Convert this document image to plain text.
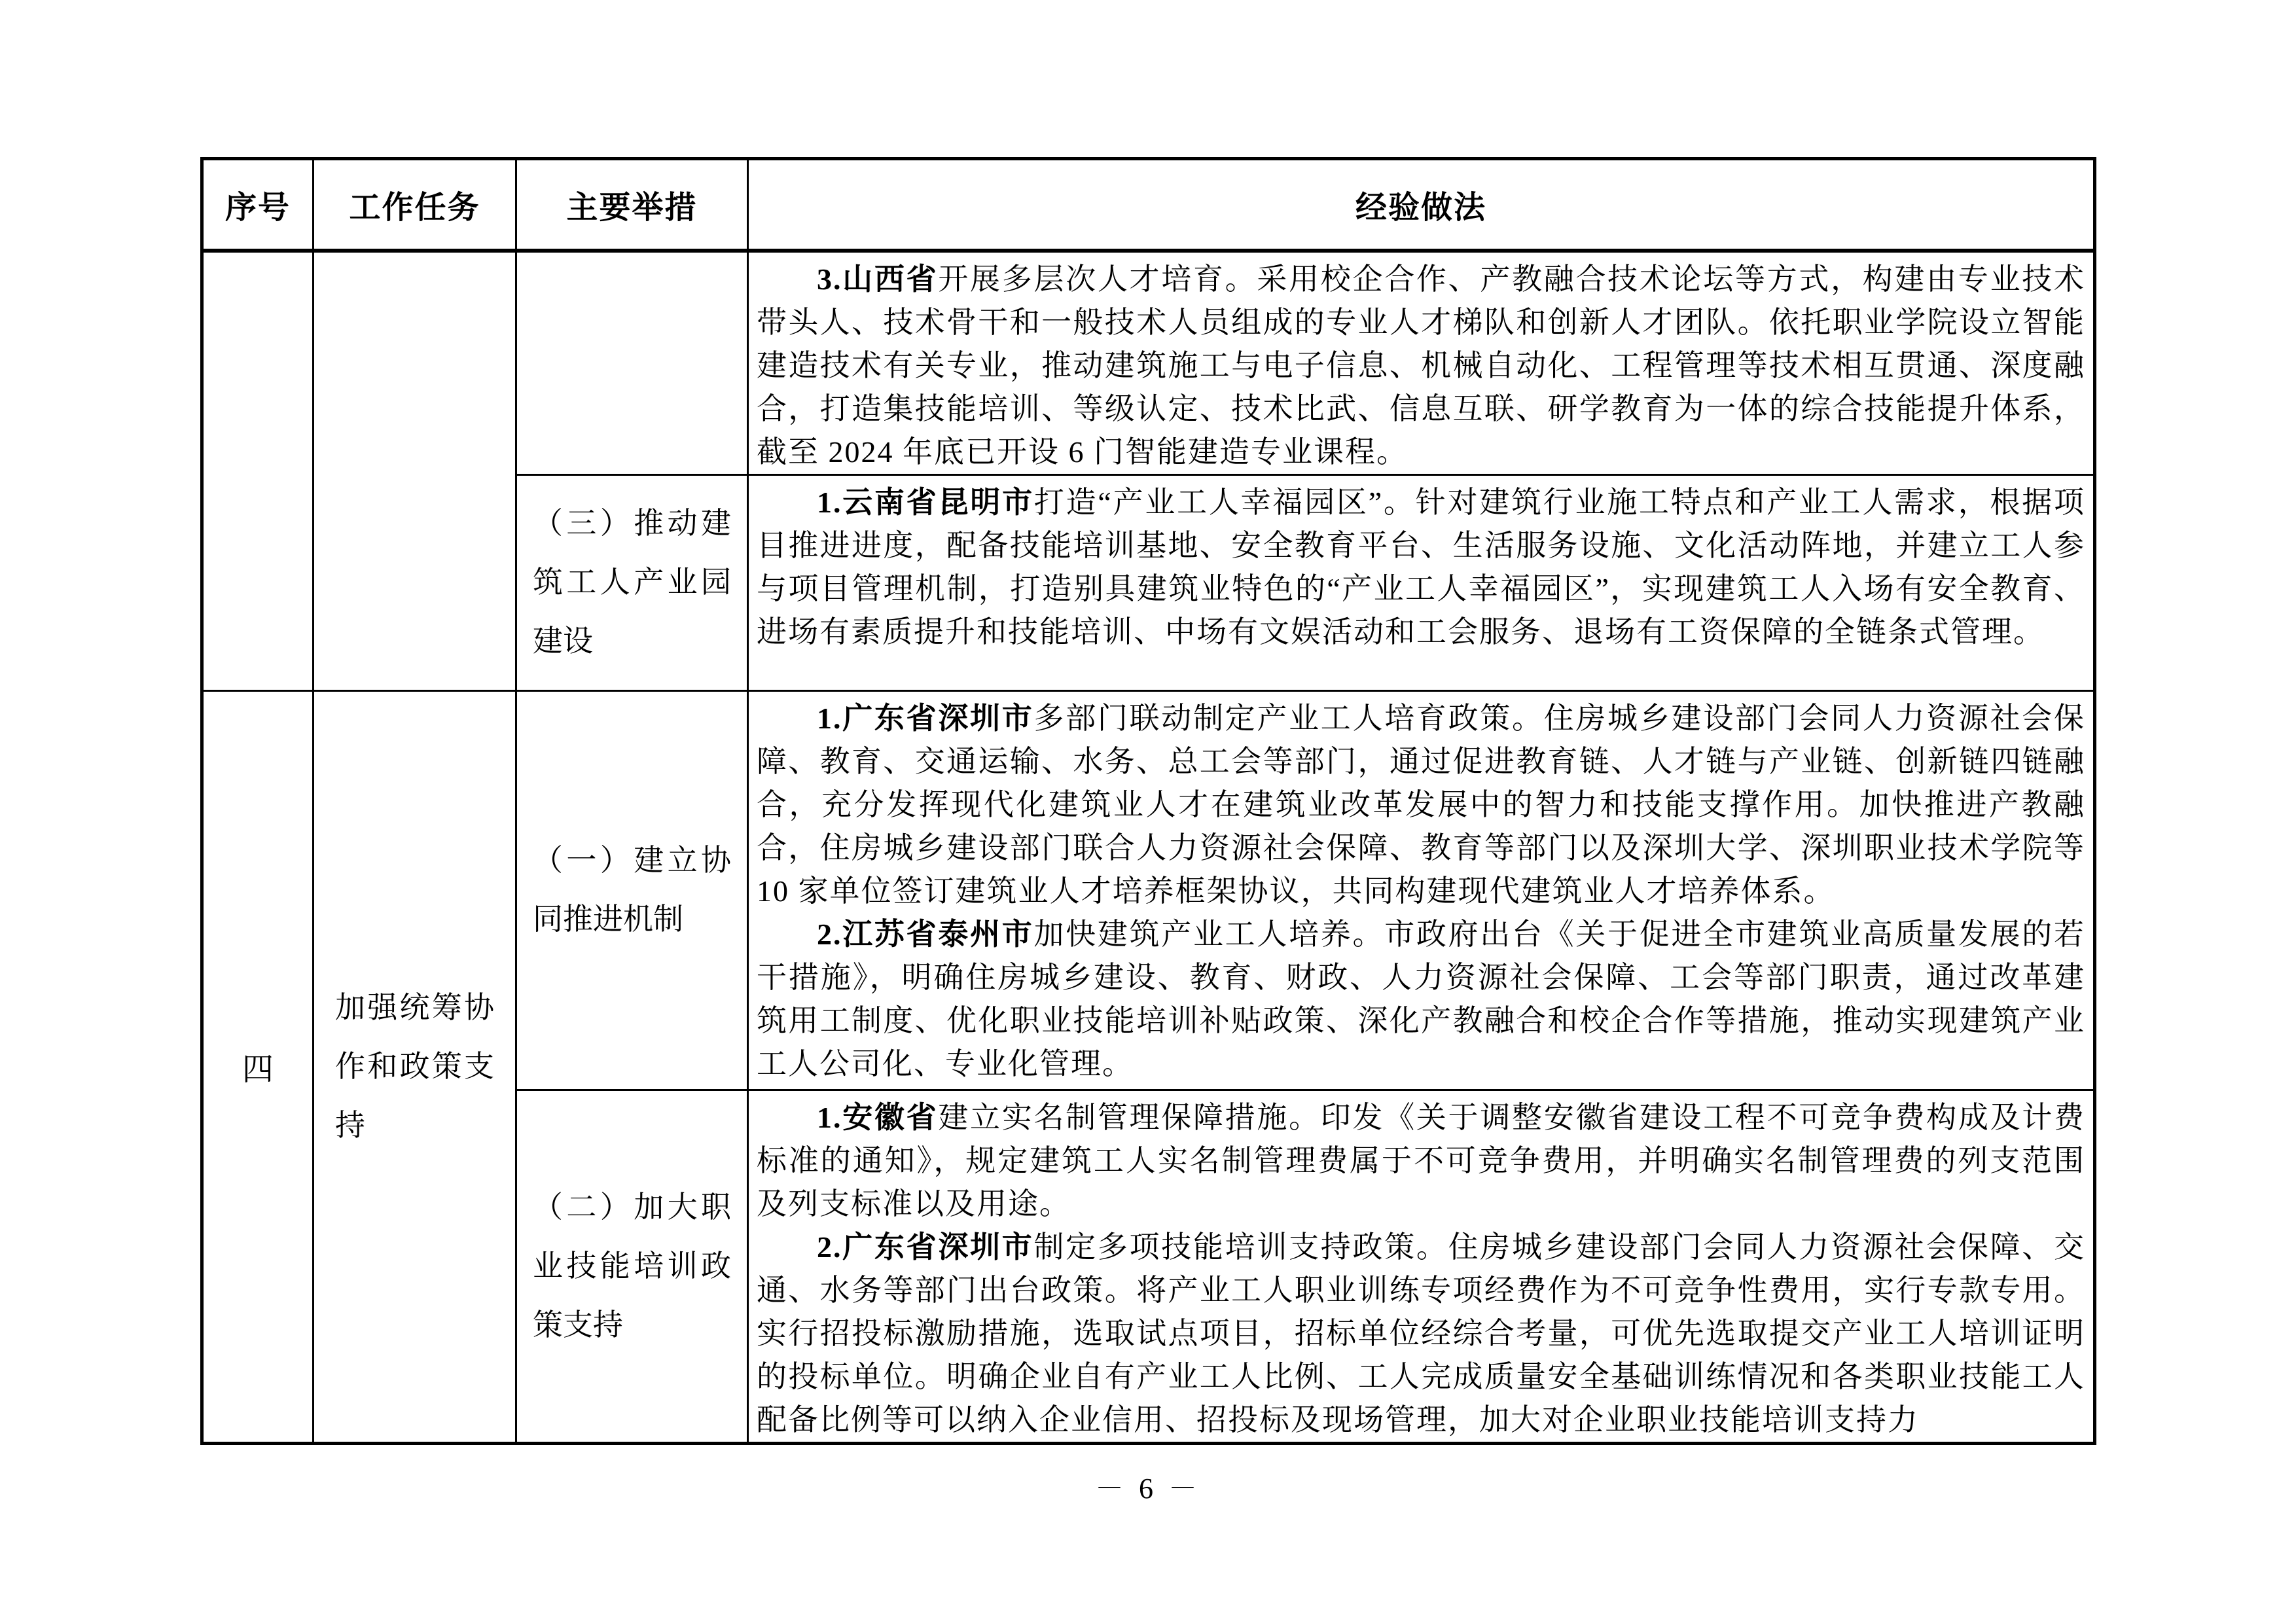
序号	工作任务	主要举措	经验做法

			3.山西省开展多层次人才培育。采用校企合作、产教融合技术论坛等方式，构建由专业技术带头人、技术骨干和一般技术人员组成的专业人才梯队和创新人才团队。依托职业学院设立智能建造技术有关专业，推动建筑施工与电子信息、机械自动化、工程管理等技术相互贯通、深度融合，打造集技能培训、等级认定、技术比武、信息互联、研学教育为一体的综合技能提升体系，截至 2024 年底已开设 6 门智能建造专业课程。

		（三）推动建筑工人产业园建设	1.云南省昆明市打造“产业工人幸福园区”。针对建筑行业施工特点和产业工人需求，根据项目推进进度，配备技能培训基地、安全教育平台、生活服务设施、文化活动阵地，并建立工人参与项目管理机制，打造别具建筑业特色的“产业工人幸福园区”，实现建筑工人入场有安全教育、进场有素质提升和技能培训、中场有文娱活动和工会服务、退场有工资保障的全链条式管理。

四	加强统筹协作和政策支持	（一）建立协同推进机制	1.广东省深圳市多部门联动制定产业工人培育政策。住房城乡建设部门会同人力资源社会保障、教育、交通运输、水务、总工会等部门，通过促进教育链、人才链与产业链、创新链四链融合，充分发挥现代化建筑业人才在建筑业改革发展中的智力和技能支撑作用。加快推进产教融合，住房城乡建设部门联合人力资源社会保障、教育等部门以及深圳大学、深圳职业技术学院等 10 家单位签订建筑业人才培养框架协议，共同构建现代建筑业人才培养体系。

2.江苏省泰州市加快建筑产业工人培养。市政府出台《关于促进全市建筑业高质量发展的若干措施》，明确住房城乡建设、教育、财政、人力资源社会保障、工会等部门职责，通过改革建筑用工制度、优化职业技能培训补贴政策、深化产教融合和校企合作等措施，推动实现建筑产业工人公司化、专业化管理。

		（二）加大职业技能培训政策支持	1.安徽省建立实名制管理保障措施。印发《关于调整安徽省建设工程不可竞争费构成及计费标准的通知》，规定建筑工人实名制管理费属于不可竞争费用，并明确实名制管理费的列支范围及列支标准以及用途。

2.广东省深圳市制定多项技能培训支持政策。住房城乡建设部门会同人力资源社会保障、交通、水务等部门出台政策。将产业工人职业训练专项经费作为不可竞争性费用，实行专款专用。实行招投标激励措施，选取试点项目，招标单位经综合考量，可优先选取提交产业工人培训证明的投标单位。明确企业自有产业工人比例、工人完成质量安全基础训练情况和各类职业技能工人配备比例等可以纳入企业信用、招投标及现场管理，加大对企业职业技能培训支持力

－ 6 －
